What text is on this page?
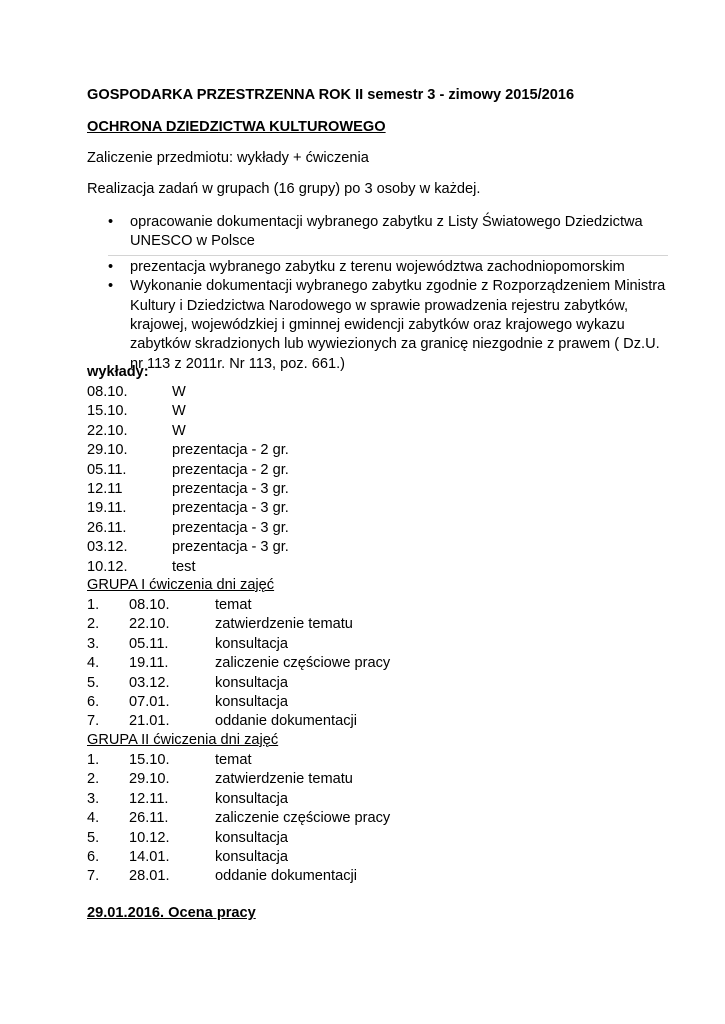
GOSPODARKA PRZESTRZENNA ROK II semestr 3 - zimowy 2015/2016
OCHRONA DZIEDZICTWA KULTUROWEGO
Zaliczenie przedmiotu: wykłady + ćwiczenia
Realizacja zadań w grupach (16 grupy) po 3 osoby w każdej.
• opracowanie dokumentacji wybranego zabytku z Listy Światowego Dziedzictwa UNESCO w Polsce
• prezentacja wybranego zabytku z terenu województwa zachodniopomorskim
• Wykonanie dokumentacji wybranego zabytku zgodnie z Rozporządzeniem Ministra Kultury i Dziedzictwa Narodowego w sprawie prowadzenia rejestru zabytków, krajowej, wojewódzkiej i gminnej ewidencji zabytków oraz krajowego wykazu zabytków skradzionych lub wywiezionych za granicę niezgodnie z prawem ( Dz.U. nr 113 z 2011r. Nr 113, poz. 661.)
wykłady:
08.10.	W
15.10.	W
22.10.	W
29.10.	prezentacja - 2 gr.
05.11.	prezentacja - 2 gr.
12.11	prezentacja - 3 gr.
19.11.	prezentacja - 3 gr.
26.11.	prezentacja - 3 gr.
03.12.	prezentacja - 3 gr.
10.12.	test
GRUPA I ćwiczenia dni zajęć
1. 08.10.	temat
2. 22.10.	zatwierdzenie tematu
3. 05.11.	konsultacja
4. 19.11.	zaliczenie częściowe pracy
5. 03.12.	konsultacja
6. 07.01.	konsultacja
7. 21.01.	oddanie dokumentacji
GRUPA II ćwiczenia dni zajęć
1. 15.10.	temat
2. 29.10.	zatwierdzenie tematu
3. 12.11.	konsultacja
4. 26.11.	zaliczenie częściowe pracy
5. 10.12.	konsultacja
6. 14.01.	konsultacja
7. 28.01.	oddanie dokumentacji
29.01.2016. Ocena pracy
